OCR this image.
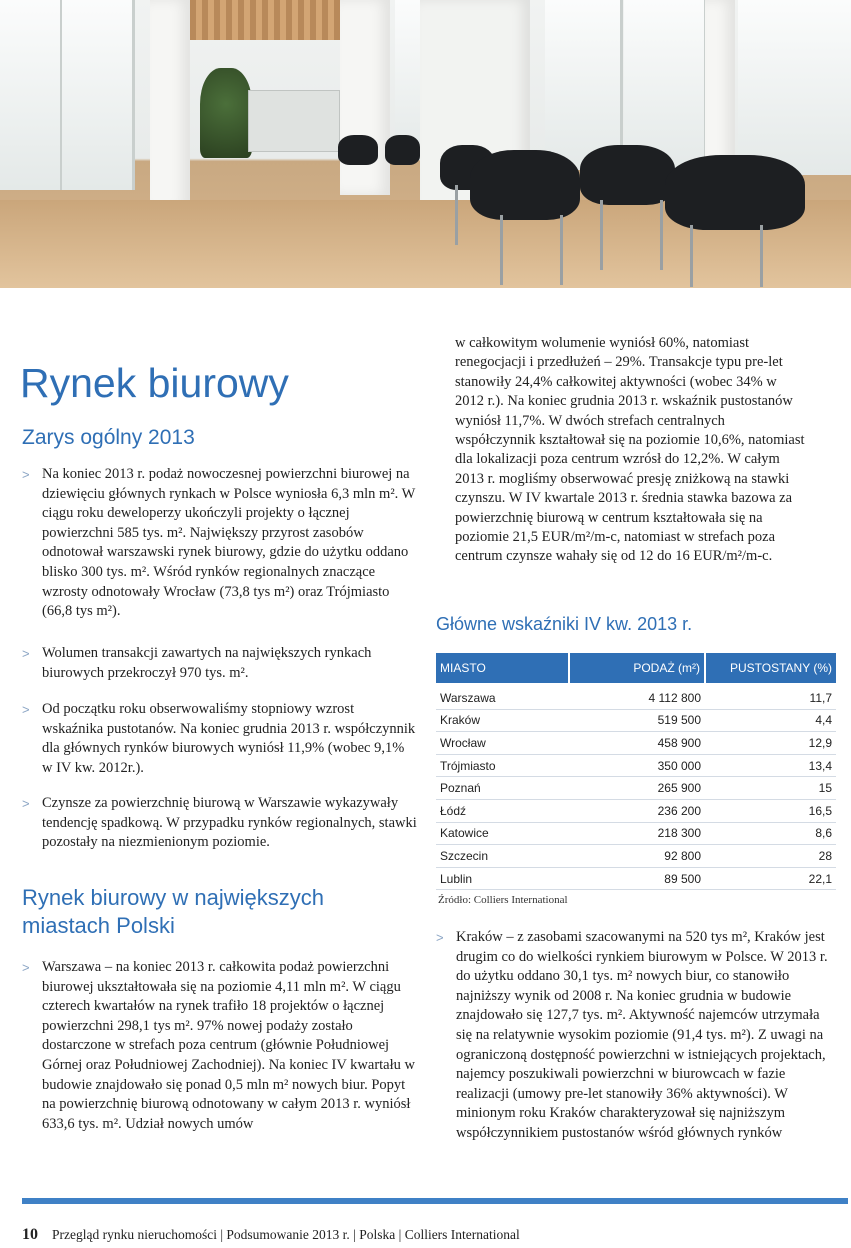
Rynek biurowy
Zarys ogólny 2013
> Na koniec 2013 r. podaż nowoczesnej powierzchni biurowej na dziewięciu głównych rynkach w Polsce wyniosła 6,3 mln m². W ciągu roku deweloperzy ukończyli projekty o łącznej powierzchni 585 tys. m². Największy przyrost zasobów odnotował warszawski rynek biurowy, gdzie do użytku oddano blisko 300 tys. m². Wśród rynków regionalnych znaczące wzrosty odnotowały Wrocław (73,8 tys m²) oraz Trójmiasto (66,8 tys m²).
> Wolumen transakcji zawartych na największych rynkach biurowych przekroczył 970 tys. m².
> Od początku roku obserwowaliśmy stopniowy wzrost wskaźnika pustotanów. Na koniec grudnia 2013 r. współczynnik dla głównych rynków biurowych wyniósł 11,9% (wobec 9,1% w IV kw. 2012r.).
> Czynsze za powierzchnię biurową w Warszawie wykazywały tendencję spadkową. W przypadku rynków regionalnych, stawki pozostały na niezmienionym poziomie.
Rynek biurowy w największych miastach Polski
> Warszawa – na koniec 2013 r. całkowita podaż powierzchni biurowej ukształtowała się na poziomie 4,11 mln m². W ciągu czterech kwartałów na rynek trafiło 18 projektów o łącznej powierzchni 298,1 tys m². 97% nowej podaży zostało dostarczone w strefach poza centrum (głównie Południowej Górnej oraz Południowej Zachodniej). Na koniec IV kwartału w budowie znajdowało się ponad 0,5 mln m² nowych biur. Popyt na powierzchnię biurową odnotowany w całym 2013 r. wyniósł 633,6 tys. m². Udział nowych umów
w całkowitym wolumenie wyniósł 60%, natomiast renegocjacji i przedłużeń – 29%. Transakcje typu pre-let stanowiły 24,4% całkowitej aktywności (wobec 34% w 2012 r.). Na koniec grudnia 2013 r. wskaźnik pustostanów wyniósł 11,7%. W dwóch strefach centralnych współczynnik kształtował się na poziomie 10,6%, natomiast dla lokalizacji poza centrum wzrósł do 12,2%. W całym 2013 r. mogliśmy obserwować presję zniżkową na stawki czynszu. W IV kwartale 2013 r. średnia stawka bazowa za powierzchnię biurową w centrum kształtowała się na poziomie 21,5 EUR/m²/m-c, natomiast w strefach poza centrum czynsze wahały się od 12 do 16 EUR/m²/m-c.
Główne wskaźniki IV kw. 2013 r.
MIASTO	PODAŻ (m²)	PUSTOSTANY (%)
Warszawa	4 112 800	11,7
Kraków	519 500	4,4
Wrocław	458 900	12,9
Trójmiasto	350 000	13,4
Poznań	265 900	15
Łódź	236 200	16,5
Katowice	218 300	8,6
Szczecin	92 800	28
Lublin	89 500	22,1
Źródło: Colliers International
> Kraków – z zasobami szacowanymi na 520 tys m², Kraków jest drugim co do wielkości rynkiem biurowym w Polsce. W 2013 r. do użytku oddano 30,1 tys. m² nowych biur, co stanowiło najniższy wynik od 2008 r. Na koniec grudnia w budowie znajdowało się 127,7 tys. m². Aktywność najemców utrzymała się na relatywnie wysokim poziomie (91,4 tys. m²). Z uwagi na ograniczoną dostępność powierzchni w istniejących projektach, najemcy poszukiwali powierzchni w biurowcach w fazie realizacji (umowy pre-let stanowiły 36% aktywności). W minionym roku Kraków charakteryzował się najniższym współczynnikiem pustostanów wśród głównych rynków
10 Przegląd rynku nieruchomości | Podsumowanie 2013 r. | Polska | Colliers International
